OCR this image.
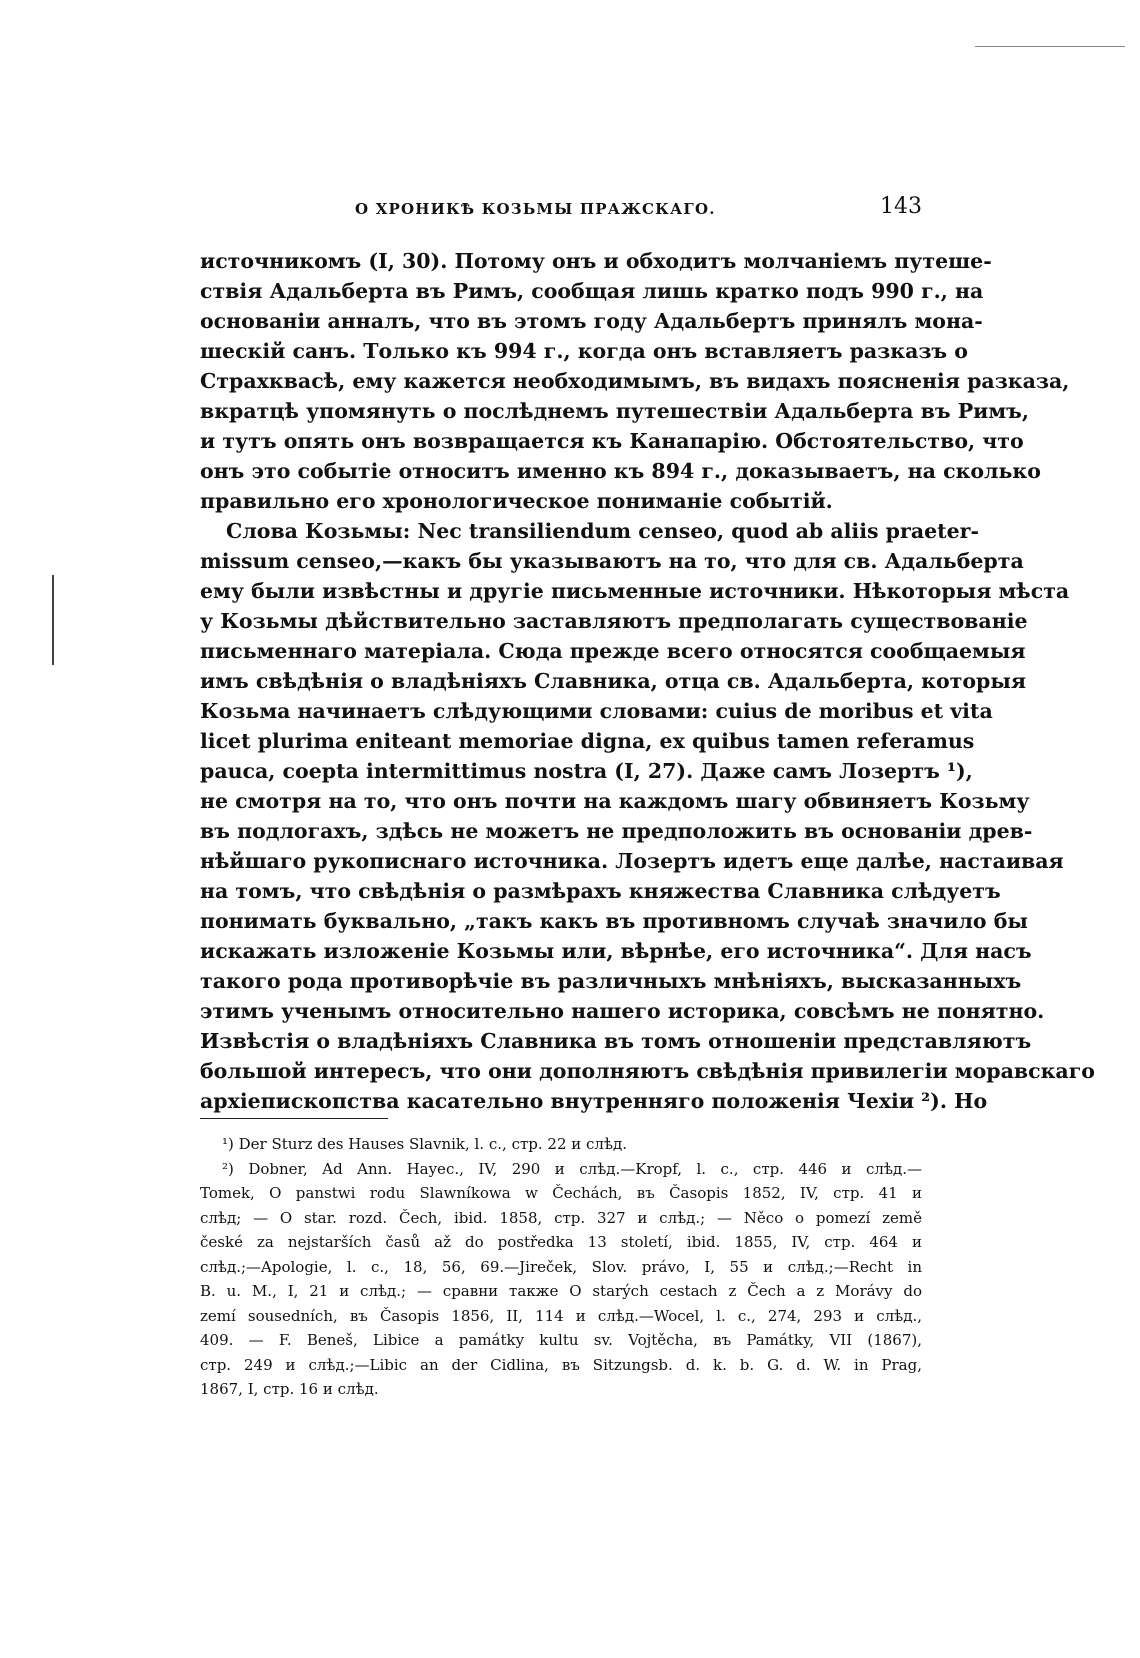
О ХРОНИКѢ КОЗЬМЫ ПРАЖСКАГО.	143
источникомъ (I, 30). Потому онъ и обходитъ молчаніемъ путеше-
ствія Адальберта въ Римъ, сообщая лишь кратко подъ 990 г., на
основаніи анналъ, что въ этомъ году Адальбертъ принялъ мона-
шескій санъ. Только къ 994 г., когда онъ вставляетъ разказъ о
Страхквасѣ, ему кажется необходимымъ, въ видахъ поясненія разказа,
вкратцѣ упомянуть о послѣднемъ путешествіи Адальберта въ Римъ,
и тутъ опять онъ возвращается къ Канапарію. Обстоятельство, что
онъ это событіе относитъ именно къ 894 г., доказываетъ, на сколько
правильно его хронологическое пониманіе событій.
Слова Козьмы: Nec transiliendum censeo, quod ab aliis praeter-
missum censeo,—какъ бы указываютъ на то, что для св. Адальберта
ему были извѣстны и другіе письменные источники. Нѣкоторыя мѣста
у Козьмы дѣйствительно заставляютъ предполагать существованіе
письменнаго матеріала. Сюда прежде всего относятся сообщаемыя
имъ свѣдѣнія о владѣніяхъ Славника, отца св. Адальберта, которыя
Козьма начинаетъ слѣдующими словами: cuius de moribus et vita
licet plurima eniteant memoriae digna, ex quibus tamen referamus
pauca, coepta intermittimus nostra (I, 27). Даже самъ Лозертъ ¹),
не смотря на то, что онъ почти на каждомъ шагу обвиняетъ Козьму
въ подлогахъ, здѣсь не можетъ не предположить въ основаніи древ-
нѣйшаго рукописнаго источника. Лозертъ идетъ еще далѣе, настаивая
на томъ, что свѣдѣнія о размѣрахъ княжества Славника слѣдуетъ
понимать буквально, „такъ какъ въ противномъ случаѣ значило бы
искажать изложеніе Козьмы или, вѣрнѣе, его источника“. Для насъ
такого рода противорѣчіе въ различныхъ мнѣніяхъ, высказанныхъ
этимъ ученымъ относительно нашего историка, совсѣмъ не понятно.
Извѣстія о владѣніяхъ Славника въ томъ отношеніи представляютъ
большой интересъ, что они дополняютъ свѣдѣнія привилегіи моравскаго
архіепископства касательно внутренняго положенія Чехіи ²). Но
¹) Der Sturz des Hauses Slavnik, l. c., стр. 22 и слѣд.
²) Dobner, Ad Ann. Hayec., IV, 290 и слѣд.—Kropf, l. c., стр. 446 и слѣд.—
Tomek, O panstwi rodu Slawníkowa w Čechách, въ Časopis 1852, IV, стр. 41 и
слѣд; — O star. rozd. Čech, ibid. 1858, стр. 327 и слѣд.; — Něco o pomezí země
české za nejstarších časů až do postředka 13 století, ibid. 1855, IV, стр. 464 и
слѣд.;—Apologie, l. c., 18, 56, 69.—Jireček, Slov. právo, I, 55 и слѣд.;—Recht in
B. u. M., I, 21 и слѣд.; — сравни также O starých cestach z Čech a z Morávy do
zemí sousedních, въ Časopis 1856, II, 114 и слѣд.—Wocel, l. c., 274, 293 и слѣд.,
409. — F. Beneš, Libice a památky kultu sv. Vojtěcha, въ Památky, VII (1867),
стр. 249 и слѣд.;—Libic an der Cidlina, въ Sitzungsb. d. k. b. G. d. W. in Prag,
1867, I, стр. 16 и слѣд.
